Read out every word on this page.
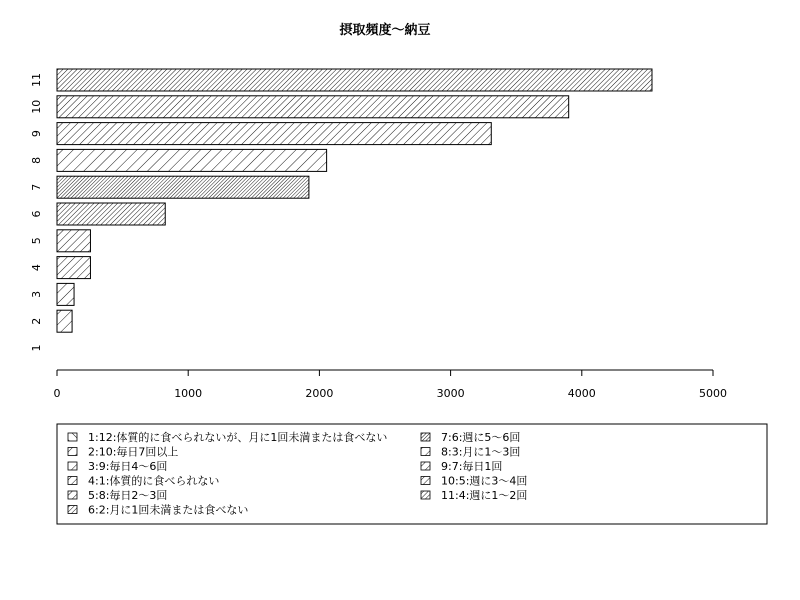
摂取頻度〜納豆
0	1000	2000	3000	4000	5000
1
2
3
4
5
6
7
8
9
10
11
1:12:体質的に食べられないが、月に1回未満または食べない
2:10:毎日7回以上
3:9:毎日4〜6回
4:1:体質的に食べられない
5:8:毎日2〜3回
6:2:月に1回未満または食べない
7:6:週に5〜6回
8:3:月に1〜3回
9:7:毎日1回
10:5:週に3〜4回
11:4:週に1〜2回
